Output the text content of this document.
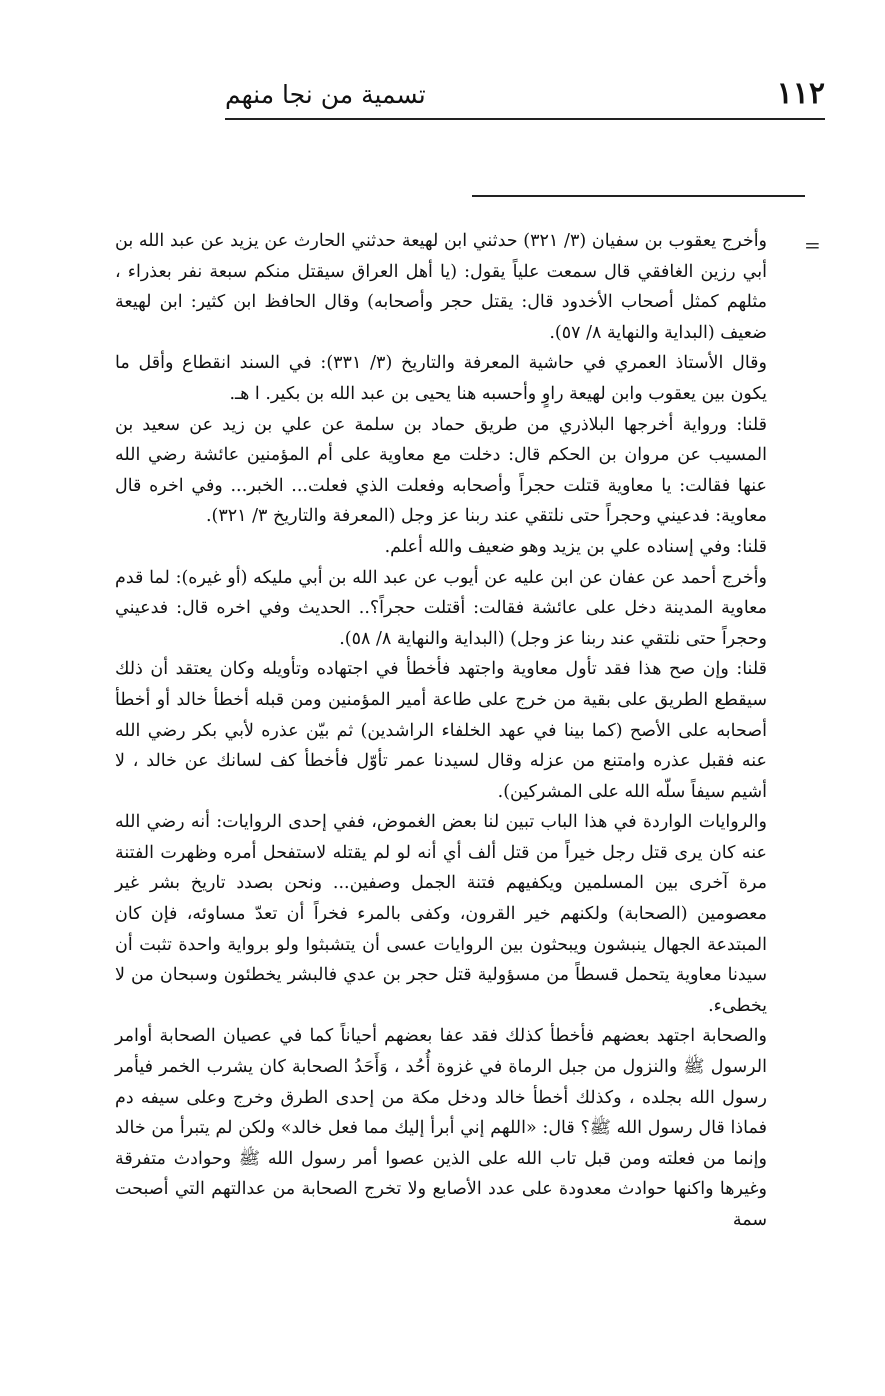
١١٢
تسمية من نجا منهم
=

وأخرج يعقوب بن سفيان (٣/ ٣٢١) حدثني ابن لهيعة حدثني الحارث عن يزيد عن عبد الله بن أبي رزين الغافقي قال سمعت علياً يقول: (يا أهل العراق سيقتل منكم سبعة نفر بعذراء ، مثلهم كمثل أصحاب الأخدود قال: يقتل حجر وأصحابه) وقال الحافظ ابن كثير: ابن لهيعة ضعيف (البداية والنهاية ٨/ ٥٧).

وقال الأستاذ العمري في حاشية المعرفة والتاريخ (٣/ ٣٣١): في السند انقطاع وأقل ما يكون بين يعقوب وابن لهيعة راوٍ وأحسبه هنا يحيى بن عبد الله بن بكير. ا هـ.

قلنا: ورواية أخرجها البلاذري من طريق حماد بن سلمة عن علي بن زيد عن سعيد بن المسيب عن مروان بن الحكم قال: دخلت مع معاوية على أم المؤمنين عائشة رضي الله عنها فقالت: يا معاوية قتلت حجراً وأصحابه وفعلت الذي فعلت... الخبر... وفي اخره قال معاوية: فدعيني وحجراً حتى نلتقي عند ربنا عز وجل (المعرفة والتاريخ ٣/ ٣٢١).

قلنا: وفي إسناده علي بن يزيد وهو ضعيف والله أعلم.

وأخرج أحمد عن عفان عن ابن عليه عن أيوب عن عبد الله بن أبي مليكه (أو غيره): لما قدم معاوية المدينة دخل على عائشة فقالت: أقتلت حجراً؟.. الحديث وفي اخره قال: فدعيني وحجراً حتى نلتقي عند ربنا عز وجل) (البداية والنهاية ٨/ ٥٨).

قلنا: وإن صح هذا فقد تأول معاوية واجتهد فأخطأ في اجتهاده وتأويله وكان يعتقد أن ذلك سيقطع الطريق على بقية من خرج على طاعة أمير المؤمنين ومن قبله أخطأ خالد أو أخطأ أصحابه على الأصح (كما بينا في عهد الخلفاء الراشدين) ثم بيّن عذره لأبي بكر رضي الله عنه فقبل عذره وامتنع من عزله وقال لسيدنا عمر تأوّل فأخطأ كف لسانك عن خالد ، لا أشيم سيفاً سلّه الله على المشركين).

والروايات الواردة في هذا الباب تبين لنا بعض الغموض، ففي إحدى الروايات: أنه رضي الله عنه كان يرى قتل رجل خيراً من قتل ألف أي أنه لو لم يقتله لاستفحل أمره وظهرت الفتنة مرة آخرى بين المسلمين ويكفيهم فتنة الجمل وصفين... ونحن بصدد تاريخ بشر غير معصومين (الصحابة) ولكنهم خير القرون، وكفى بالمرء فخراً أن تعدّ مساوئه، فإن كان المبتدعة الجهال ينبشون ويبحثون بين الروايات عسى أن يتشبثوا ولو برواية واحدة تثبت أن سيدنا معاوية يتحمل قسطاً من مسؤولية قتل حجر بن عدي فالبشر يخطئون وسبحان من لا يخطىء.

والصحابة اجتهد بعضهم فأخطأ كذلك فقد عفا بعضهم أحياناً كما في عصيان الصحابة أوامر الرسول ﷺ والنزول من جبل الرماة في غزوة أُحُد ، وَأَحَدُ الصحابة كان يشرب الخمر فيأمر رسول الله بجلده ، وكذلك أخطأ خالد ودخل مكة من إحدى الطرق وخرج وعلى سيفه دم فماذا قال رسول الله ﷺ؟ قال: «اللهم إني أبرأ إليك مما فعل خالد» ولكن لم يتبرأ من خالد وإنما من فعلته ومن قبل تاب الله على الذين عصوا أمر رسول الله ﷺ وحوادث متفرقة وغيرها واكنها حوادث معدودة على عدد الأصابع ولا تخرج الصحابة من عدالتهم التي أصبحت سمة
